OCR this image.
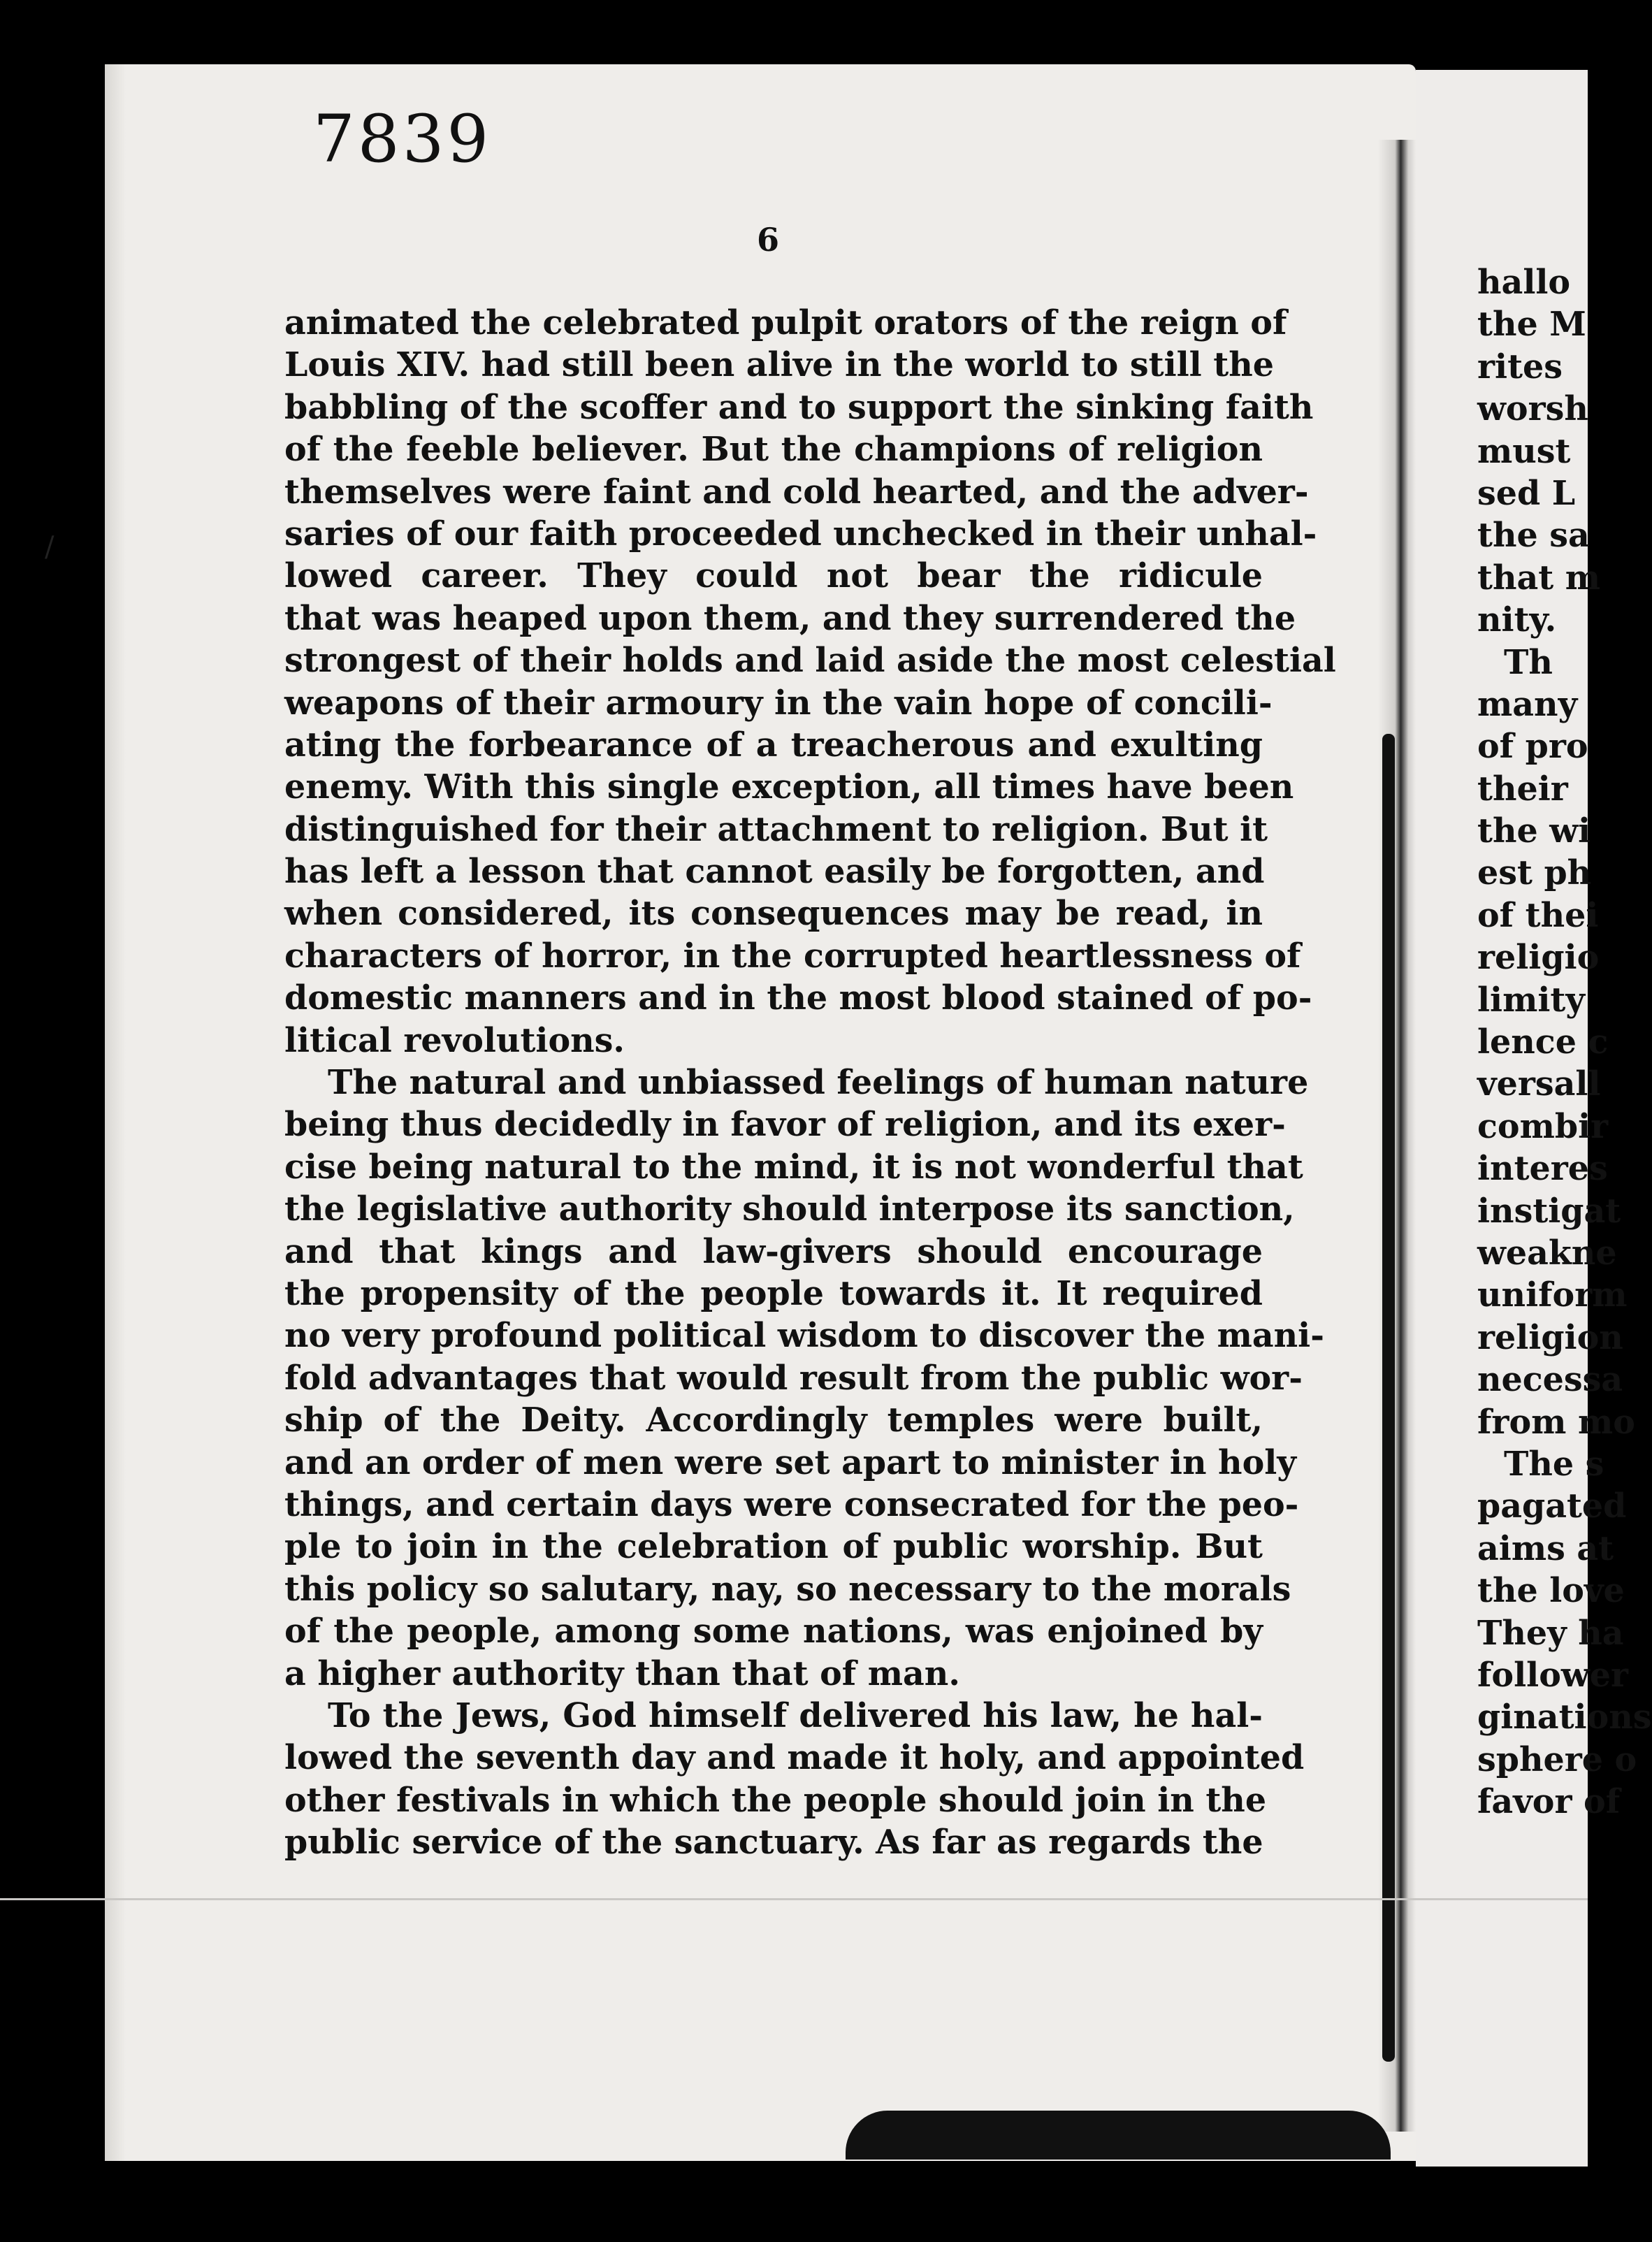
7839
6
animated the celebrated pulpit orators of the reign of
Louis XIV. had still been alive in the world to still the
babbling of the scoffer and to support the sinking faith
of the feeble believer. But the champions of religion
themselves were faint and cold hearted, and the adver-
saries of our faith proceeded unchecked in their unhal-
lowed career. They could not bear the ridicule
that was heaped upon them, and they surrendered the
strongest of their holds and laid aside the most celestial
weapons of their armoury in the vain hope of concili-
ating the forbearance of a treacherous and exulting
enemy. With this single exception, all times have been
distinguished for their attachment to religion. But it
has left a lesson that cannot easily be forgotten, and
when considered, its consequences may be read, in
characters of horror, in the corrupted heartlessness of
domestic manners and in the most blood stained of po-
litical revolutions.
The natural and unbiassed feelings of human nature
being thus decidedly in favor of religion, and its exer-
cise being natural to the mind, it is not wonderful that
the legislative authority should interpose its sanction,
and that kings and law-givers should encourage
the propensity of the people towards it. It required
no very profound political wisdom to discover the mani-
fold advantages that would result from the public wor-
ship of the Deity. Accordingly temples were built,
and an order of men were set apart to minister in holy
things, and certain days were consecrated for the peo-
ple to join in the celebration of public worship. But
this policy so salutary, nay, so necessary to the morals
of the people, among some nations, was enjoined by
a higher authority than that of man.
To the Jews, God himself delivered his law, he hal-
lowed the seventh day and made it holy, and appointed
other festivals in which the people should join in the
public service of the sanctuary. As far as regards the
hallo
the M
rites
worsh
must
sed L
the sa
that m
nity.
Th
many
of pro
their
the wi
est ph
of thei
religio
limity
lence c
versall
combir
interes
instigat
weakne
uniform
religion
necessa
from mo
The s
pagated
aims at
the love
They ha
follower
ginations
sphere o
favor of
/
